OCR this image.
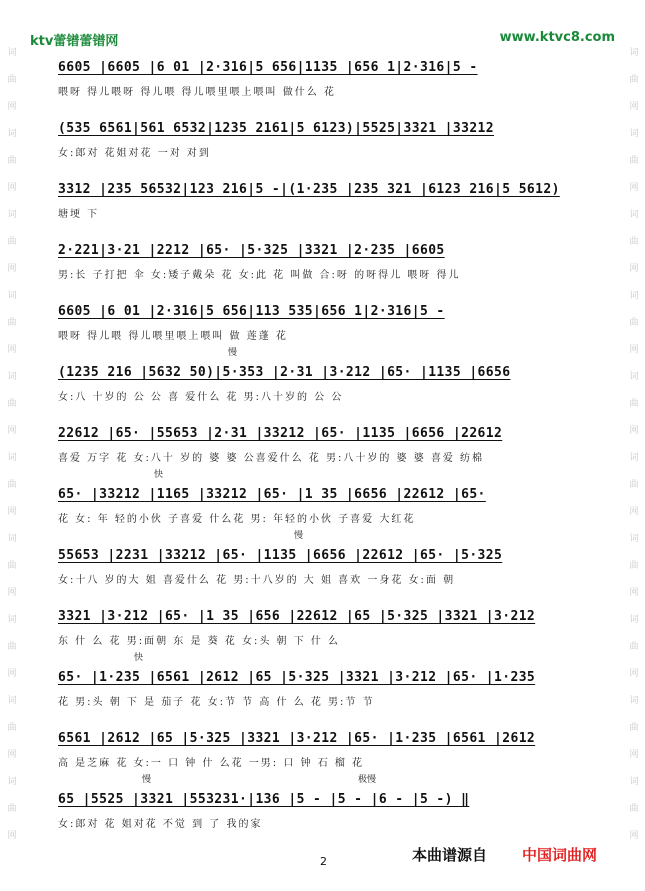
ktv蕾镨蕾镨网	www.ktvc8.com
词
曲
网
词
曲
网
词
曲
网
词
曲
网
词
曲
网
词
曲
网
词
曲
网
词
曲
网
词
曲
网
词
曲
网
词
曲
网
词
曲
网
词
曲
网
词
曲
网
词
曲
网
词
曲
网
词
曲
网
词
曲
网
词
曲
网
词
曲
网
6605 |6605 |6 01 |2·316|5 656|1135 |656 1|2·316|5 -
喂呀 得儿喂呀 得儿喂 得儿喂里喂上喂叫 做什么 花
(535 6561|561 6532|1235 2161|5 6123)|5525|3321 |33212
女:郎对 花姐对花 一对 对到
3312 |235 56532|123 216|5 -|(1·235 |235 321 |6123 216|5 5612)
塘埂 下
2·221|3·21 |2212 |65· |5·325 |3321 |2·235 |6605
男:长 子打把 伞 女:矮子戴朵 花 女:此 花 叫做 合:呀 的呀得儿 喂呀 得儿
6605 |6 01 |2·316|5 656|113 535|656 1|2·316|5 -
喂呀 得儿喂 得儿喂里喂上喂叫 做 莲蓬 花
(1235 216 |5632 50)|5·353 |2·31 |3·212 |65· |1135 |6656
女:八 十岁的 公 公 喜 爱什么 花 男:八十岁的 公 公
慢
22612 |65· |55653 |2·31 |33212 |65· |1135 |6656 |22612
喜爱 万字 花 女:八十 岁的 婆 婆 公喜爱什么 花 男:八十岁的 婆 婆 喜爱 纺棉
65· |33212 |1165 |33212 |65· |1 35 |6656 |22612 |65·
花 女: 年 轻的小伙 子喜爱 什么花 男: 年轻的小伙 子喜爱 大红花
快
55653 |2231 |33212 |65· |1135 |6656 |22612 |65· |5·325
女:十八 岁的大 姐 喜爱什么 花 男:十八岁的 大 姐 喜欢 一身花 女:面 朝
慢
3321 |3·212 |65· |1 35 |656 |22612 |65 |5·325 |3321 |3·212
东 什 么 花 男:面朝 东 是 葵 花 女:头 朝 下 什 么
65· |1·235 |6561 |2612 |65 |5·325 |3321 |3·212 |65· |1·235
花 男:头 朝 下 是 茄子 花 女:节 节 高 什 么 花 男:节 节
快
6561 |2612 |65 |5·325 |3321 |3·212 |65· |1·235 |6561 |2612
高 是芝麻 花 女:一 口 钟 什 么花 一男: 口 钟 石 榴 花
65 |5525 |3321 |553231·|136 |5 - |5 - |6 - |5 -) ‖
女:郎对 花 姐对花 不觉 到 了 我的家
慢	极慢
2	本曲谱源自 中国词曲网
